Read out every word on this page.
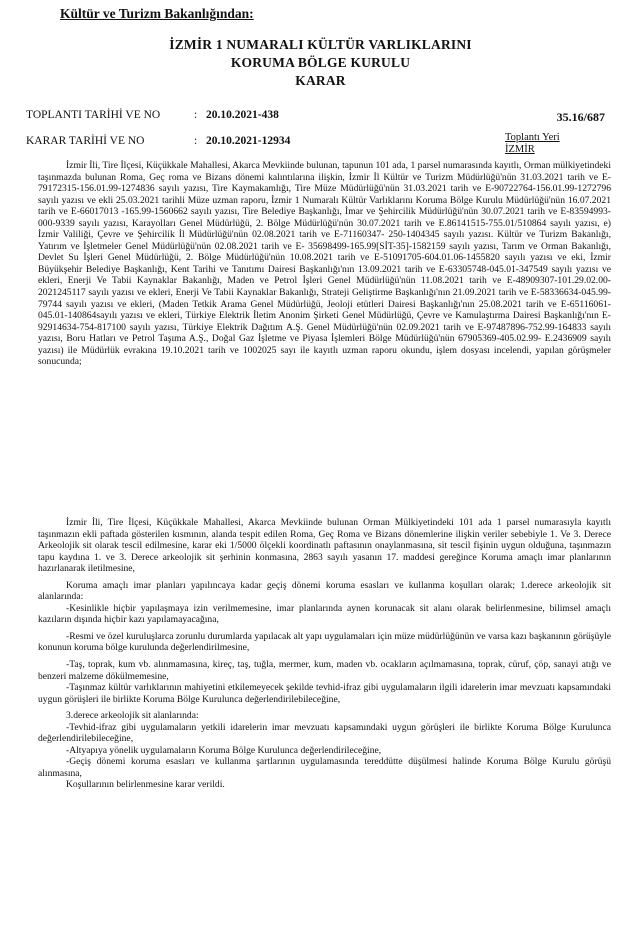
Kültür ve Turizm Bakanlığından:
İZMİR 1 NUMARALI KÜLTÜR VARLIKLARINI
KORUMA BÖLGE KURULU
KARAR
TOPLANTI TARİHİ VE NO	: 20.10.2021-438
KARAR TARİHİ VE NO	: 20.10.2021-12934
35.16/687
Toplantı Yeri
İZMİR

İzmir İli, Tire İlçesi, Küçükkale Mahallesi, Akarca Mevkiinde bulunan, tapunun 101 ada, 1 parsel numarasında kayıtlı, Orman mülkiyetindeki taşınmazda bulunan Roma, Geç roma ve Bizans dönemi kalıntılarına ilişkin, İzmir İl Kültür ve Turizm Müdürlüğü'nün 31.03.2021 tarih ve E-79172315-156.01.99-1274836 sayılı yazısı, Tire Kaymakamlığı, Tire Müze Müdürlüğü'nün 31.03.2021 tarih ve E-90722764-156.01.99-1272796 sayılı yazısı ve ekli 25.03.2021 tarihli Müze uzman raporu, İzmir 1 Numaralı Kültür Varlıklarını Koruma Bölge Kurulu Müdürlüğü'nün 16.07.2021 tarih ve E-66017013 -165.99-1560662 sayılı yazısı, Tire Belediye Başkanlığı, İmar ve Şehircilik Müdürlüğü'nün 30.07.2021 tarih ve E-83594993-000-9339 sayılı yazısı, Karayolları Genel Müdürlüğü, 2. Bölge Müdürlüğü'nün 30.07.2021 tarih ve E.86141515-755.01/510864 sayılı yazısı, e) İzmir Valiliği, Çevre ve Şehircilik İl Müdürlüğü'nün 02.08.2021 tarih ve E-71160347- 250-1404345 sayılı yazısı. Kültür ve Turizm Bakanlığı, Yatırım ve İşletmeler Genel Müdürlüğü'nün 02.08.2021 tarih ve E- 35698499-165.99[SİT-35]-1582159 sayılı yazısı, Tarım ve Orman Bakanlığı, Devlet Su İşleri Genel Müdürlüğü, 2. Bölge Müdürlüğü'nün 10.08.2021 tarih ve E-51091705-604.01.06-1455820 sayılı yazısı ve eki, İzmir Büyükşehir Belediye Başkanlığı, Kent Tarihi ve Tanıtımı Dairesi Başkanlığı'nın 13.09.2021 tarih ve E-63305748-045.01-347549 sayılı yazısı ve ekleri, Enerji Ve Tabii Kaynaklar Bakanlığı, Maden ve Petrol İşleri Genel Müdürlüğü'nün 11.08.2021 tarih ve E-48909307-101.29.02.00-2021245117 sayılı yazısı ve ekleri, Enerji Ve Tabii Kaynaklar Bakanlığı, Strateji Geliştirme Başkanlığı'nın 21.09.2021 tarih ve E-58336634-045.99-79744 sayılı yazısı ve ekleri, (Maden Tetkik Arama Genel Müdürlüğü, Jeoloji etütleri Dairesi Başkanlığı'nın 25.08.2021 tarih ve E-65116061-045.01-140864sayılı yazısı ve ekleri, Türkiye Elektrik İletim Anonim Şirketi Genel Müdürlüğü, Çevre ve Kamulaştırma Dairesi Başkanlığı'nın E-92914634-754-817100 sayılı yazısı, Türkiye Elektrik Dağıtım A.Ş. Genel Müdürlüğü'nün 02.09.2021 tarih ve E-97487896-752.99-164833 sayılı yazısı, Boru Hatları ve Petrol Taşıma A.Ş., Doğal Gaz İşletme ve Piyasa İşlemleri Bölge Müdürlüğü'nün 67905369-405.02.99- E.2436909 sayılı yazısı) ile Müdürlük evrakına 19.10.2021 tarih ve 1002025 sayı ile kayıtlı uzman raporu okundu, işlem dosyası incelendi, yapılan görüşmeler sonucunda;

İzmir İli, Tire İlçesi, Küçükkale Mahallesi, Akarca Mevkiinde bulunan Orman Mülkiyetindeki 101 ada 1 parsel numarasıyla kayıtlı taşınmazın ekli paftada gösterilen kısmının, alanda tespit edilen Roma, Geç Roma ve Bizans dönemlerine ilişkin veriler sebebiyle 1. Ve 3. Derece Arkeolojik sit olarak tescil edilmesine, karar eki 1/5000 ölçekli koordinatlı paftasının onaylanmasına, sit tescil fişinin uygun olduğuna, taşınmazın tapu kaydına 1. ve 3. Derece arkeolojik sit şerhinin konmasına, 2863 sayılı yasanın 17. maddesi gereğince Koruma amaçlı imar planlarının hazırlanarak iletilmesine,

Koruma amaçlı imar planları yapılıncaya kadar geçiş dönemi koruma esasları ve kullanma koşulları olarak; 1.derece arkeolojik sit alanlarında:

-Kesinlikle hiçbir yapılaşmaya izin verilmemesine, imar planlarında aynen korunacak sit alanı olarak belirlenmesine, bilimsel amaçlı kazıların dışında hiçbir kazı yapılamayacağına,

-Resmi ve özel kuruluşlarca zorunlu durumlarda yapılacak alt yapı uygulamaları için müze müdürlüğünün ve varsa kazı başkanının görüşüyle konunun koruma bölge kurulunda değerlendirilmesine,

-Taş, toprak, kum vb. alınmamasına, kireç, taş, tuğla, mermer, kum, maden vb. ocakların açılmamasına, toprak, cüruf, çöp, sanayi atığı ve benzeri malzeme dökülmemesine,

-Taşınmaz kültür varlıklarının mahiyetini etkilemeyecek şekilde tevhid-ifraz gibi uygulamaların ilgili idarelerin imar mevzuatı kapsamındaki uygun görüşleri ile birlikte Koruma Bölge Kurulunca değerlendirilebileceğine,

3.derece arkeolojik sit alanlarında:

-Tevhid-ifraz gibi uygulamaların yetkili idarelerin imar mevzuatı kapsamındaki uygun görüşleri ile birlikte Koruma Bölge Kurulunca değerlendirilebileceğine,

-Altyapıya yönelik uygulamaların Koruma Bölge Kurulunca değerlendirileceğine,

-Geçiş dönemi koruma esasları ve kullanma şartlarının uygulamasında tereddütte düşülmesi halinde Koruma Bölge Kurulu görüşü alınmasına,

Koşullarının belirlenmesine karar verildi.
